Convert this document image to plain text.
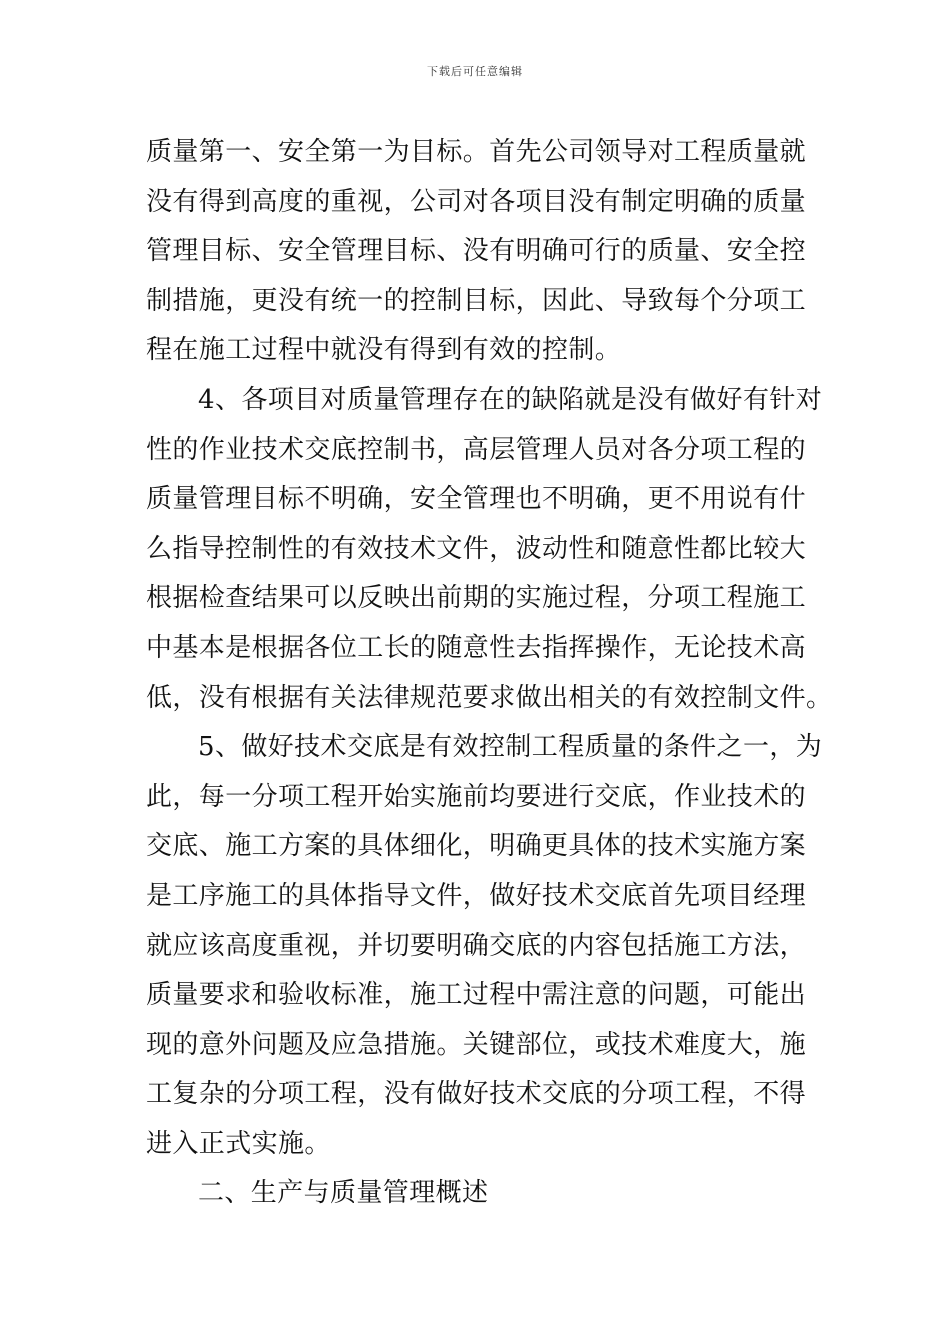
下载后可任意编辑
质量第一、安全第一为目标。首先公司领导对工程质量就
没有得到高度的重视，公司对各项目没有制定明确的质量
管理目标、安全管理目标、没有明确可行的质量、安全控
制措施，更没有统一的控制目标，因此、导致每个分项工
程在施工过程中就没有得到有效的控制。
4、各项目对质量管理存在的缺陷就是没有做好有针对
性的作业技术交底控制书，高层管理人员对各分项工程的
质量管理目标不明确，安全管理也不明确，更不用说有什
么指导控制性的有效技术文件，波动性和随意性都比较大
根据检查结果可以反映出前期的实施过程，分项工程施工
中基本是根据各位工长的随意性去指挥操作，无论技术高
低，没有根据有关法律规范要求做出相关的有效控制文件。
5、做好技术交底是有效控制工程质量的条件之一，为
此，每一分项工程开始实施前均要进行交底，作业技术的
交底、施工方案的具体细化，明确更具体的技术实施方案
是工序施工的具体指导文件，做好技术交底首先项目经理
就应该高度重视，并切要明确交底的内容包括施工方法，
质量要求和验收标准，施工过程中需注意的问题，可能出
现的意外问题及应急措施。关键部位，或技术难度大，施
工复杂的分项工程，没有做好技术交底的分项工程，不得
进入正式实施。
二、生产与质量管理概述
